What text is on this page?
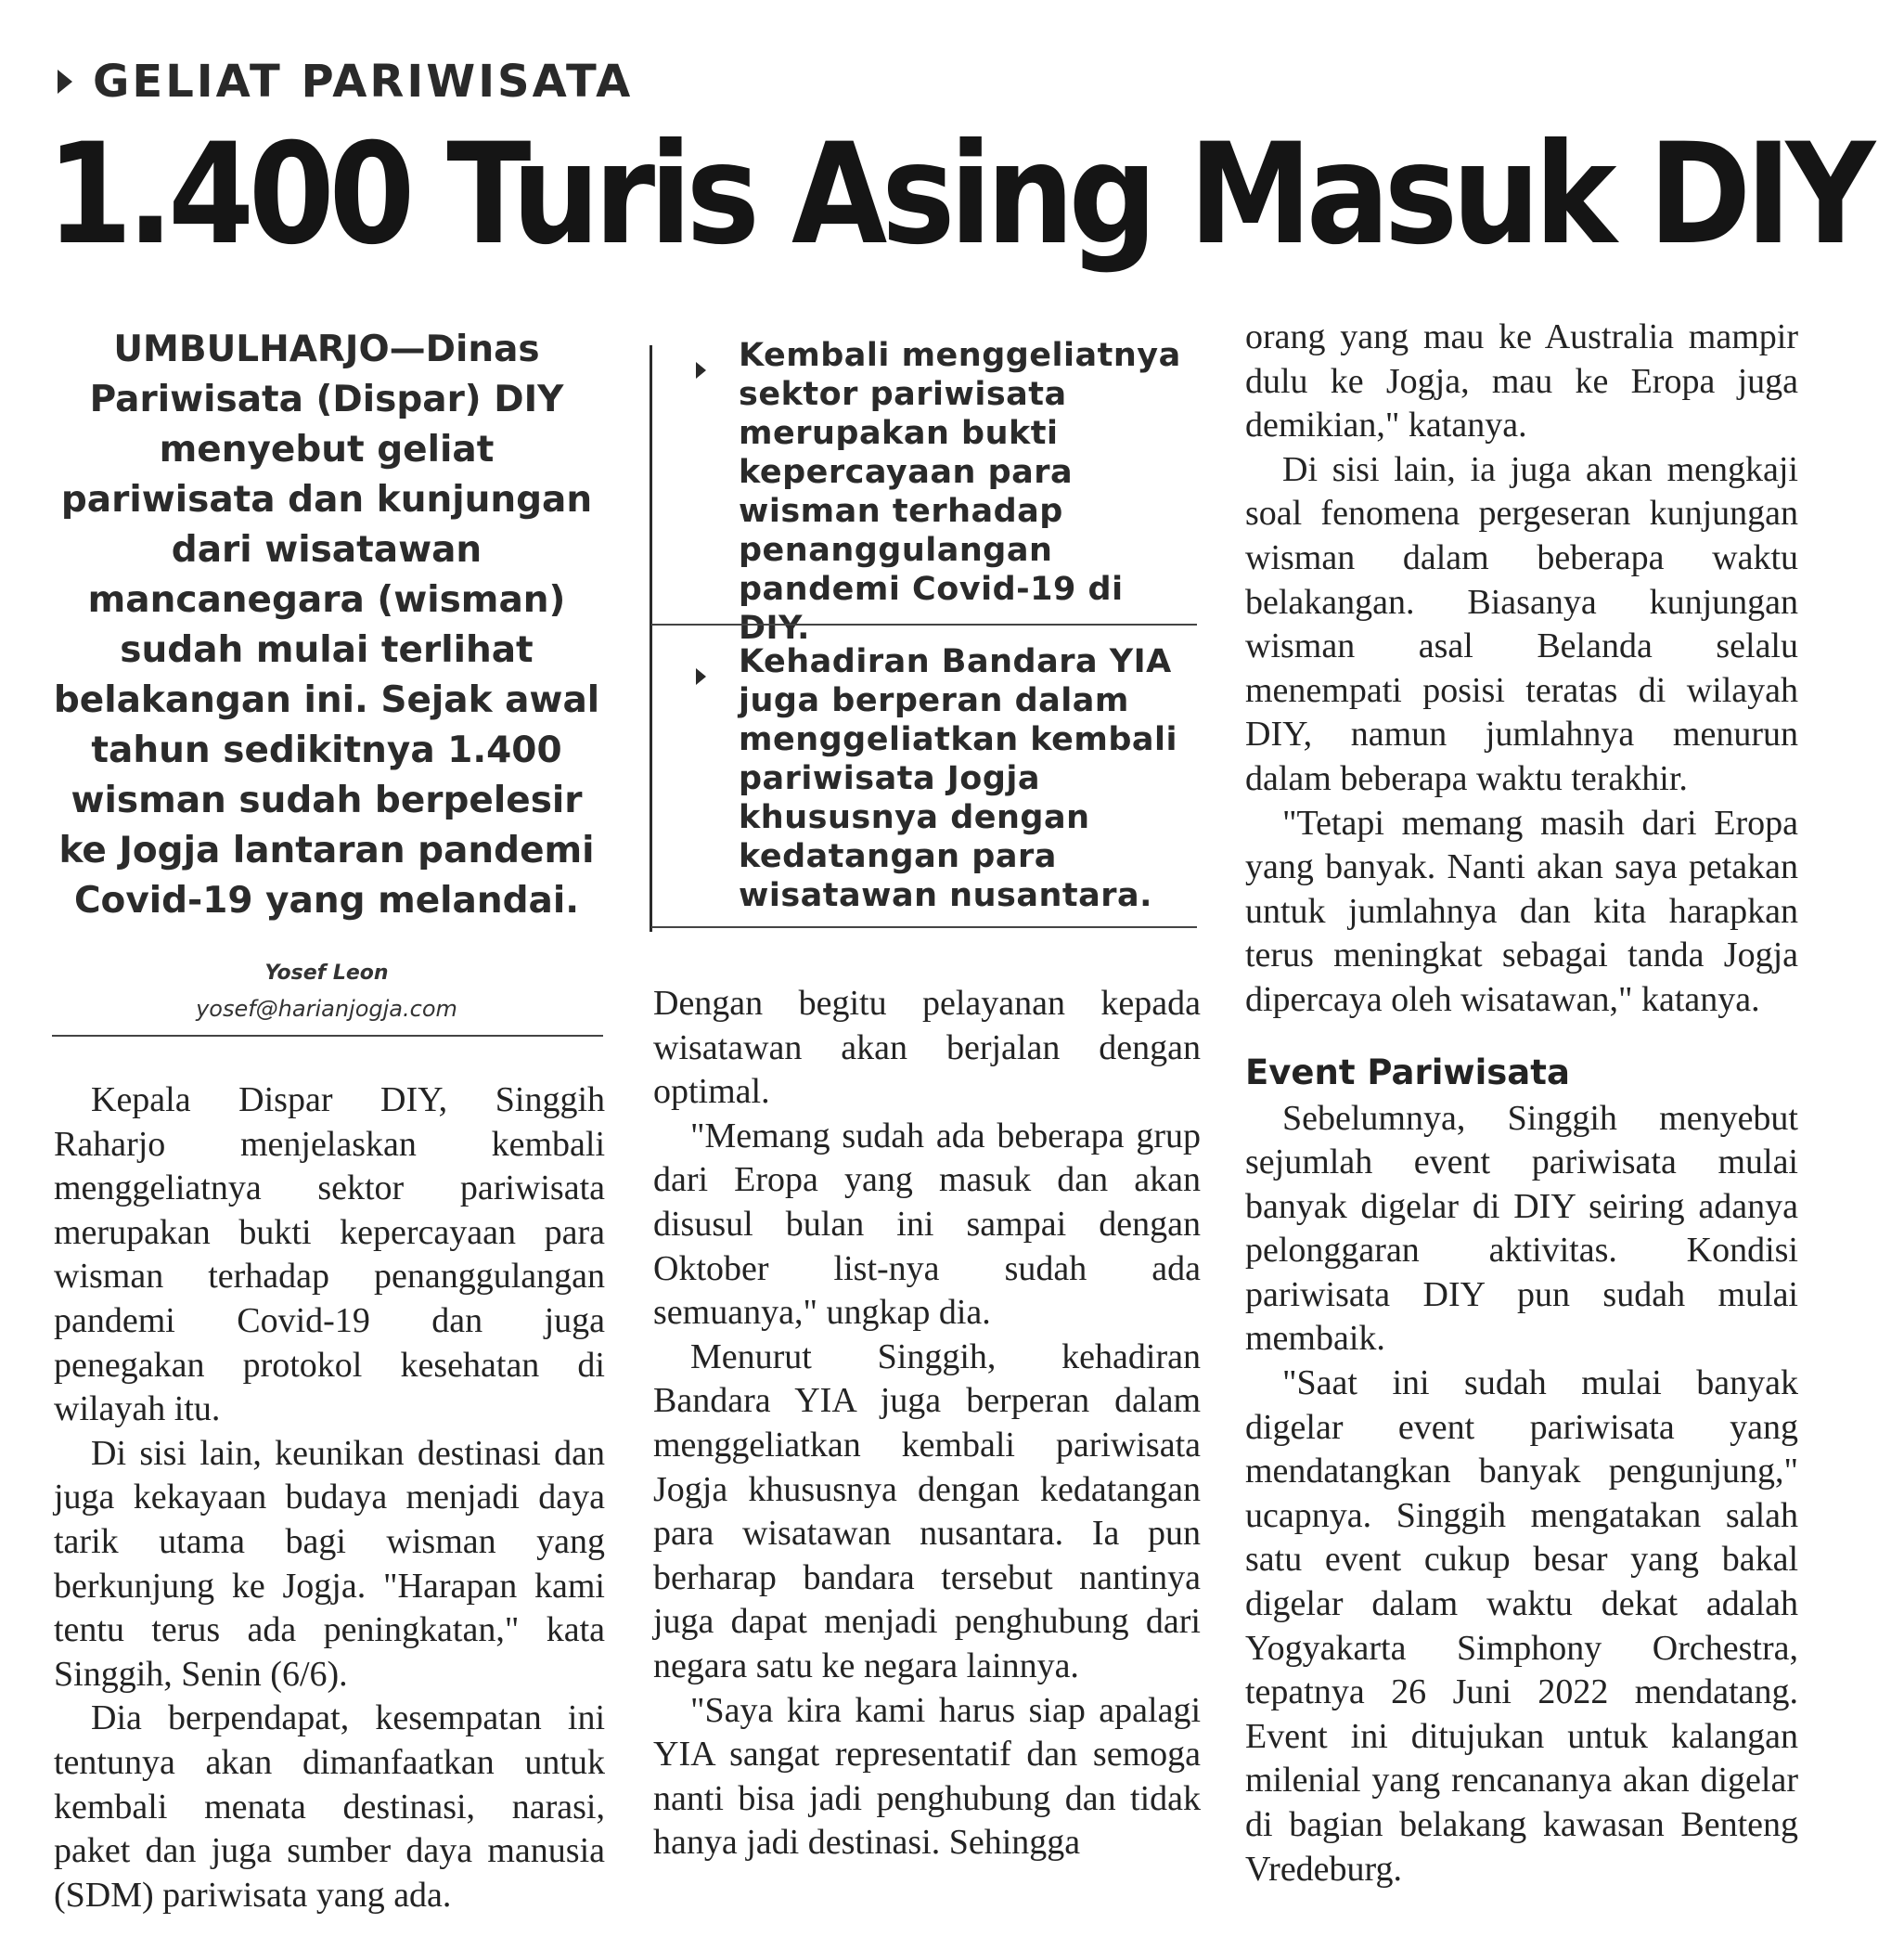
GELIAT PARIWISATA
1.400 Turis Asing Masuk DIY
UMBULHARJO—Dinas Pariwisata (Dispar) DIY menyebut geliat pariwisata dan kunjungan dari wisatawan mancanegara (wisman) sudah mulai terlihat belakangan ini. Sejak awal tahun sedikitnya 1.400 wisman sudah berpelesir ke Jogja lantaran pandemi Covid-19 yang melandai.
Yosef Leon
yosef@harianjogja.com
Kembali menggeliatnya sektor pariwisata merupakan bukti kepercayaan para wisman terhadap penanggulangan pandemi Covid-19 di DIY.
Kehadiran Bandara YIA juga berperan dalam menggeliatkan kembali pariwisata Jogja khususnya dengan kedatangan para wisatawan nusantara.

Kepala Dispar DIY, Singgih Raharjo menjelaskan kembali menggeliatnya sektor pariwisata merupakan bukti kepercayaan para wisman terhadap penanggulangan pandemi Covid-19 dan juga penegakan protokol kesehatan di wilayah itu.

Di sisi lain, keunikan destinasi dan juga kekayaan budaya menjadi daya tarik utama bagi wisman yang berkunjung ke Jogja. "Harapan kami tentu terus ada peningkatan," kata Singgih, Senin (6/6).

Dia berpendapat, kesempatan ini tentunya akan dimanfaatkan untuk kembali menata destinasi, narasi, paket dan juga sumber daya manusia (SDM) pariwisata yang ada.

Dengan begitu pelayanan kepada wisatawan akan berjalan dengan optimal.

"Memang sudah ada beberapa grup dari Eropa yang masuk dan akan disusul bulan ini sampai dengan Oktober list-nya sudah ada semuanya," ungkap dia.

Menurut Singgih, kehadiran Bandara YIA juga berperan dalam menggeliatkan kembali pariwisata Jogja khususnya dengan kedatangan para wisatawan nusantara. Ia pun berharap bandara tersebut nantinya juga dapat menjadi penghubung dari negara satu ke negara lainnya.

"Saya kira kami harus siap apalagi YIA sangat representatif dan semoga nanti bisa jadi penghubung dan tidak hanya jadi destinasi. Sehingga

orang yang mau ke Australia mampir dulu ke Jogja, mau ke Eropa juga demikian," katanya.

Di sisi lain, ia juga akan mengkaji soal fenomena pergeseran kunjungan wisman dalam beberapa waktu belakangan. Biasanya kunjungan wisman asal Belanda selalu menempati posisi teratas di wilayah DIY, namun jumlahnya menurun dalam beberapa waktu terakhir.

"Tetapi memang masih dari Eropa yang banyak. Nanti akan saya petakan untuk jumlahnya dan kita harapkan terus meningkat sebagai tanda Jogja dipercaya oleh wisatawan," katanya.

Event Pariwisata

Sebelumnya, Singgih menyebut sejumlah event pariwisata mulai banyak digelar di DIY seiring adanya pelonggaran aktivitas. Kondisi pariwisata DIY pun sudah mulai membaik.

"Saat ini sudah mulai banyak digelar event pariwisata yang mendatangkan banyak pengunjung," ucapnya. Singgih mengatakan salah satu event cukup besar yang bakal digelar dalam waktu dekat adalah Yogyakarta Simphony Orchestra, tepatnya 26 Juni 2022 mendatang. Event ini ditujukan untuk kalangan milenial yang rencananya akan digelar di bagian belakang kawasan Benteng Vredeburg.
